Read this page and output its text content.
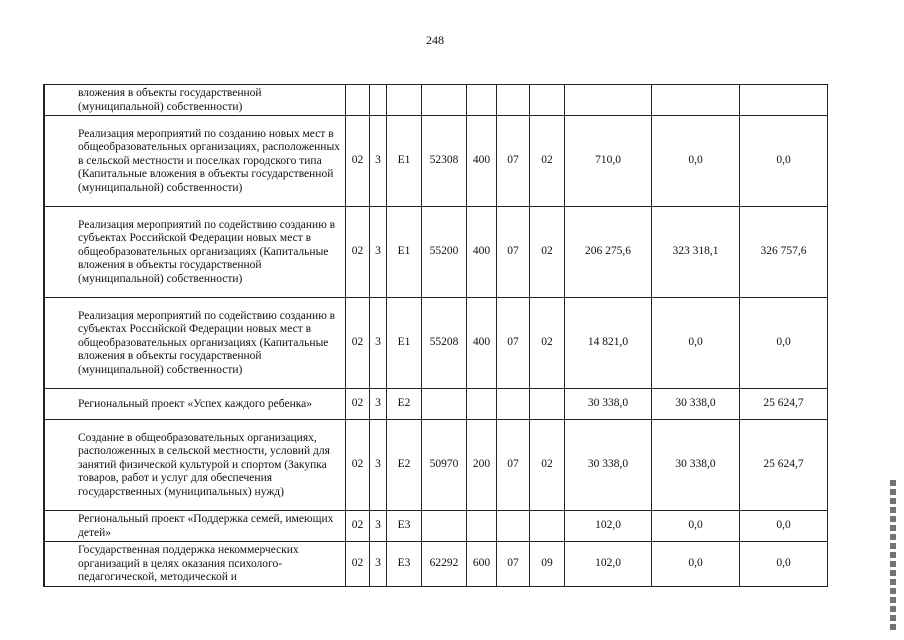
248
	вложения в объекты государственной (муниципальной) собственности)										
	Реализация мероприятий по созданию новых мест в общеобразовательных организациях, расположенных в сельской местности и поселках городского типа (Капитальные вложения в объекты государственной (муниципальной) собственности)	02	3	E1	52308	400	07	02	710,0	0,0	0,0
	Реализация мероприятий по содействию созданию в субъектах Российской Федерации новых мест в общеобразовательных организациях (Капитальные вложения в объекты государственной (муниципальной) собственности)	02	3	E1	55200	400	07	02	206 275,6	323 318,1	326 757,6
	Реализация мероприятий по содействию созданию в субъектах Российской Федерации новых мест в общеобразовательных организациях (Капитальные вложения в объекты государственной (муниципальной) собственности)	02	3	E1	55208	400	07	02	14 821,0	0,0	0,0
	Региональный проект «Успех каждого ребенка»	02	3	E2					30 338,0	30 338,0	25 624,7
	Создание в общеобразовательных организациях, расположенных в сельской местности, условий для занятий физической культурой и спортом (Закупка товаров, работ и услуг для обеспечения государственных (муниципальных) нужд)	02	3	E2	50970	200	07	02	30 338,0	30 338,0	25 624,7
	Региональный проект «Поддержка семей, имеющих детей»	02	3	E3					102,0	0,0	0,0
	Государственная поддержка некоммерческих организаций в целях оказания психолого-педагогической, методической и	02	3	E3	62292	600	07	09	102,0	0,0	0,0
